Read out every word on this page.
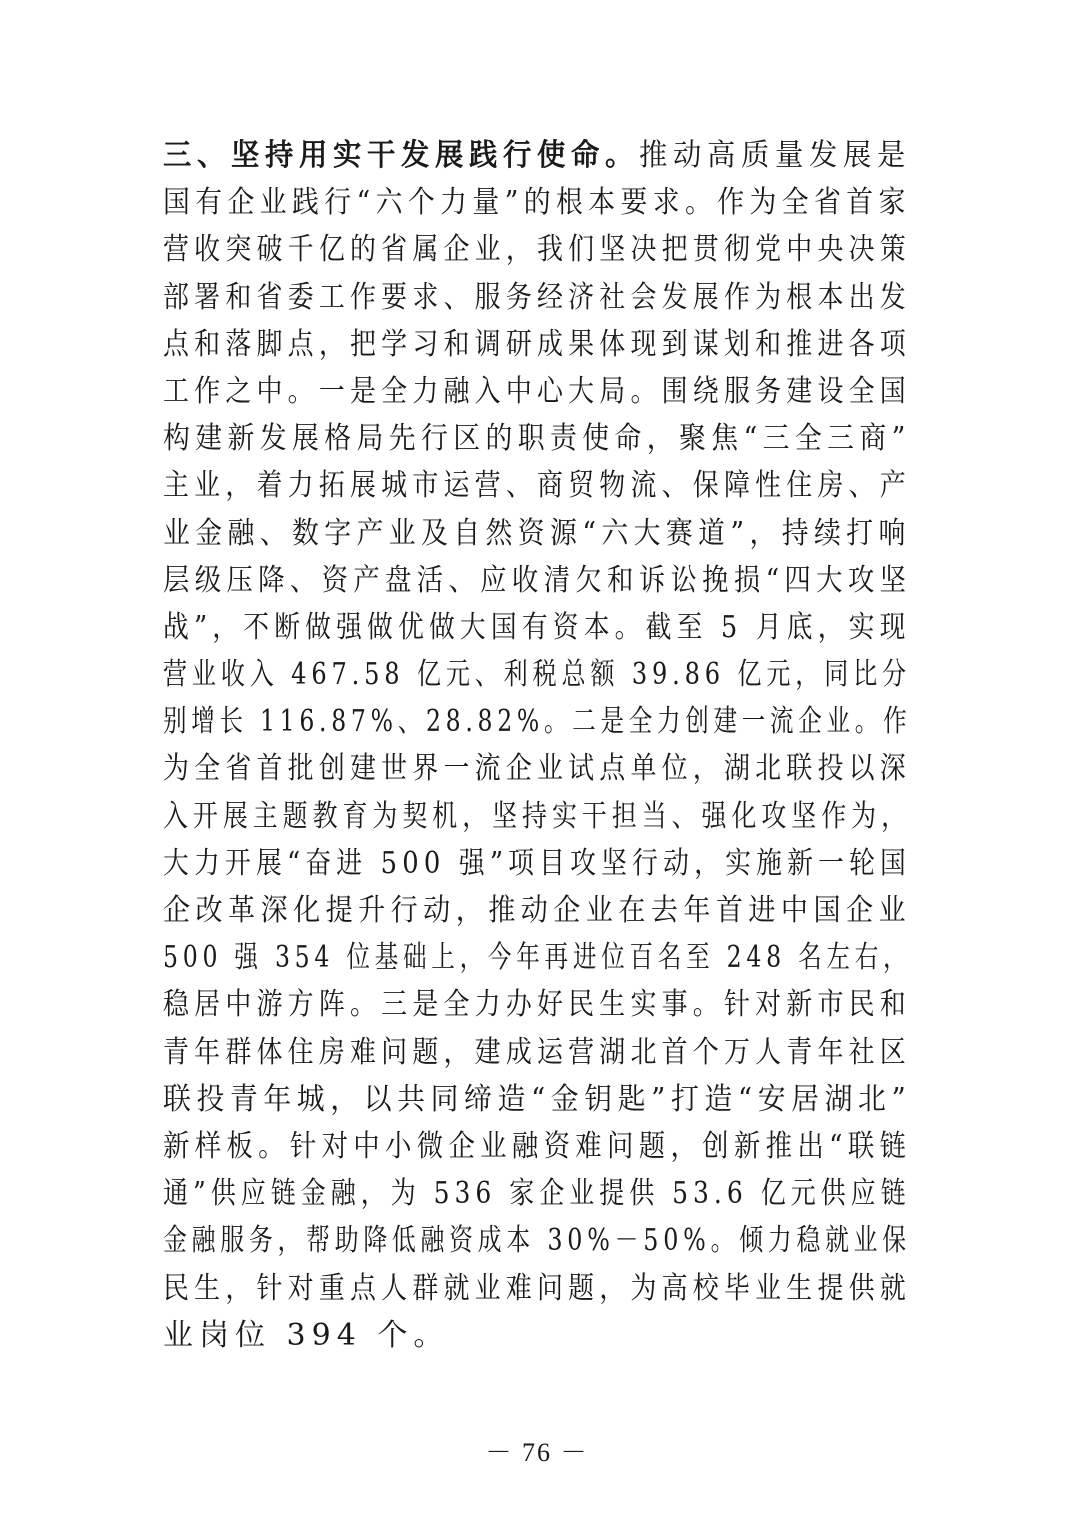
三、坚持用实干发展践行使命。推动高质量发展是
国有企业践行“六个力量”的根本要求。作为全省首家
营收突破千亿的省属企业，我们坚决把贯彻党中央决策
部署和省委工作要求、服务经济社会发展作为根本出发
点和落脚点，把学习和调研成果体现到谋划和推进各项
工作之中。一是全力融入中心大局。围绕服务建设全国
构建新发展格局先行区的职责使命，聚焦“三全三商”
主业，着力拓展城市运营、商贸物流、保障性住房、产
业金融、数字产业及自然资源“六大赛道”，持续打响
层级压降、资产盘活、应收清欠和诉讼挽损“四大攻坚
战”，不断做强做优做大国有资本。截至 5 月底，实现
营业收入 467.58 亿元、利税总额 39.86 亿元，同比分
别增长 116.87%、28.82%。二是全力创建一流企业。作
为全省首批创建世界一流企业试点单位，湖北联投以深
入开展主题教育为契机，坚持实干担当、强化攻坚作为，
大力开展“奋进 500 强”项目攻坚行动，实施新一轮国
企改革深化提升行动，推动企业在去年首进中国企业
500 强 354 位基础上，今年再进位百名至 248 名左右，
稳居中游方阵。三是全力办好民生实事。针对新市民和
青年群体住房难问题，建成运营湖北首个万人青年社区
联投青年城，以共同缔造“金钥匙”打造“安居湖北”
新样板。针对中小微企业融资难问题，创新推出“联链
通”供应链金融，为 536 家企业提供 53.6 亿元供应链
金融服务，帮助降低融资成本 30%－50%。倾力稳就业保
民生，针对重点人群就业难问题，为高校毕业生提供就
业岗位 394 个。
－ 76 －
